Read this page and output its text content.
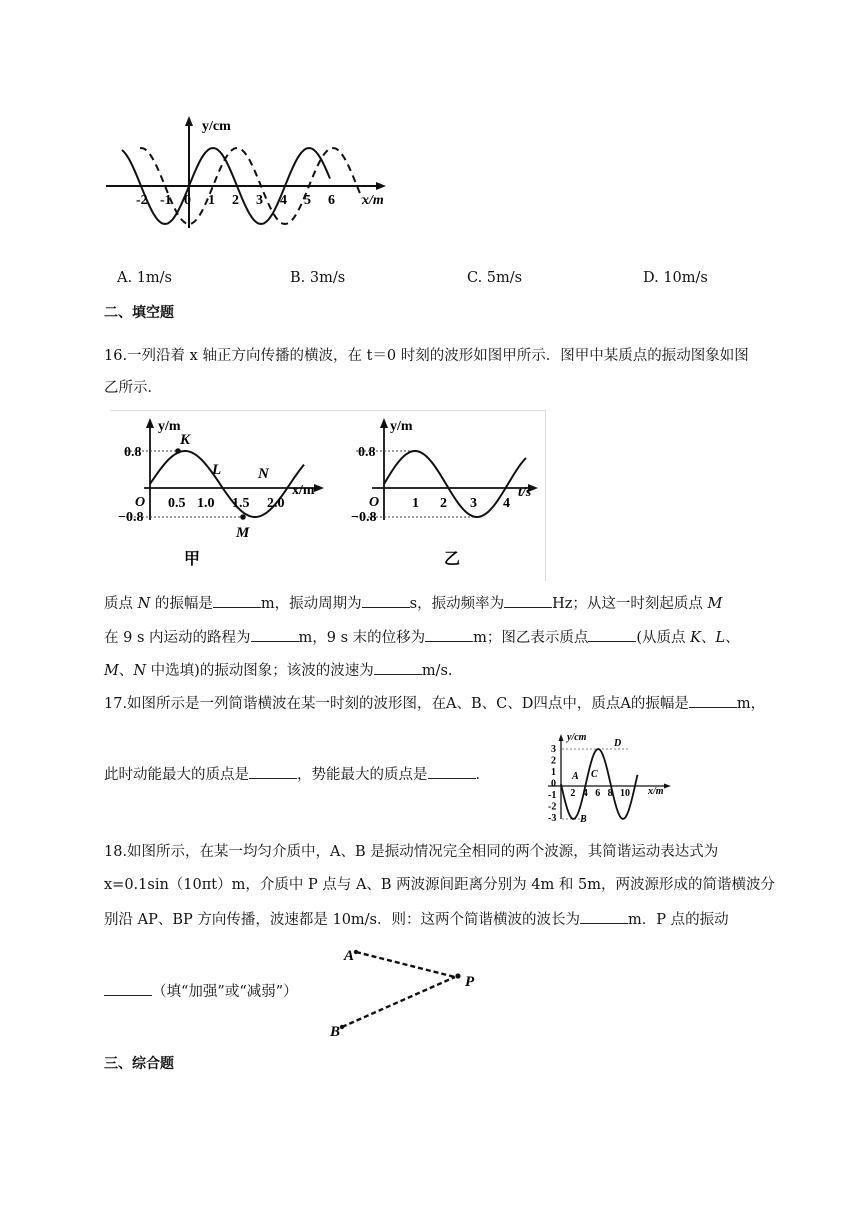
y/cm
x/m
-2 -1 0 1 2 3 4 5 6
A. 1m/s	B. 3m/s	C. 5m/s	D. 10m/s
二、填空题
16.一列沿着 x 轴正方向传播的横波，在 t＝0 时刻的波形如图甲所示．图甲中某质点的振动图象如图
乙所示．
y/m
x/m
0.8
−0.8
O 0.5 1.0 1.5 2.0
K
L
M
N
甲
y/m
t/s
0.8
−0.8
O 1 2 3 4
乙
质点 N 的振幅是	m，振动周期为	s，振动频率为	Hz；从这一时刻起质点 M
在 9 s 内运动的路程为	m，9 s 末的位移为	m；图乙表示质点	(从质点 K、L、
M、N 中选填)的振动图象；该波的波速为	m/s.
17.如图所示是一列简谐横波在某一时刻的波形图，在A、B、C、D四点中，质点A的振幅是	m，
此时动能最大的质点是	，势能最大的质点是	．
3
2
1
0
-1
-2
-3
2 4 6 8 10
y/cm
x/m
A
B
C
D
18.如图所示，在某一均匀介质中，A、B 是振动情况完全相同的两个波源，其简谐运动表达式为
x=0.1sin（10πt）m，介质中 P 点与 A、B 两波源间距离分别为 4m 和 5m，两波源形成的简谐横波分
别沿 AP、BP 方向传播，波速都是 10m/s．则：这两个简谐横波的波长为	m．P 点的振动
（填“加强”或“减弱”）
A
B
P
三、综合题
